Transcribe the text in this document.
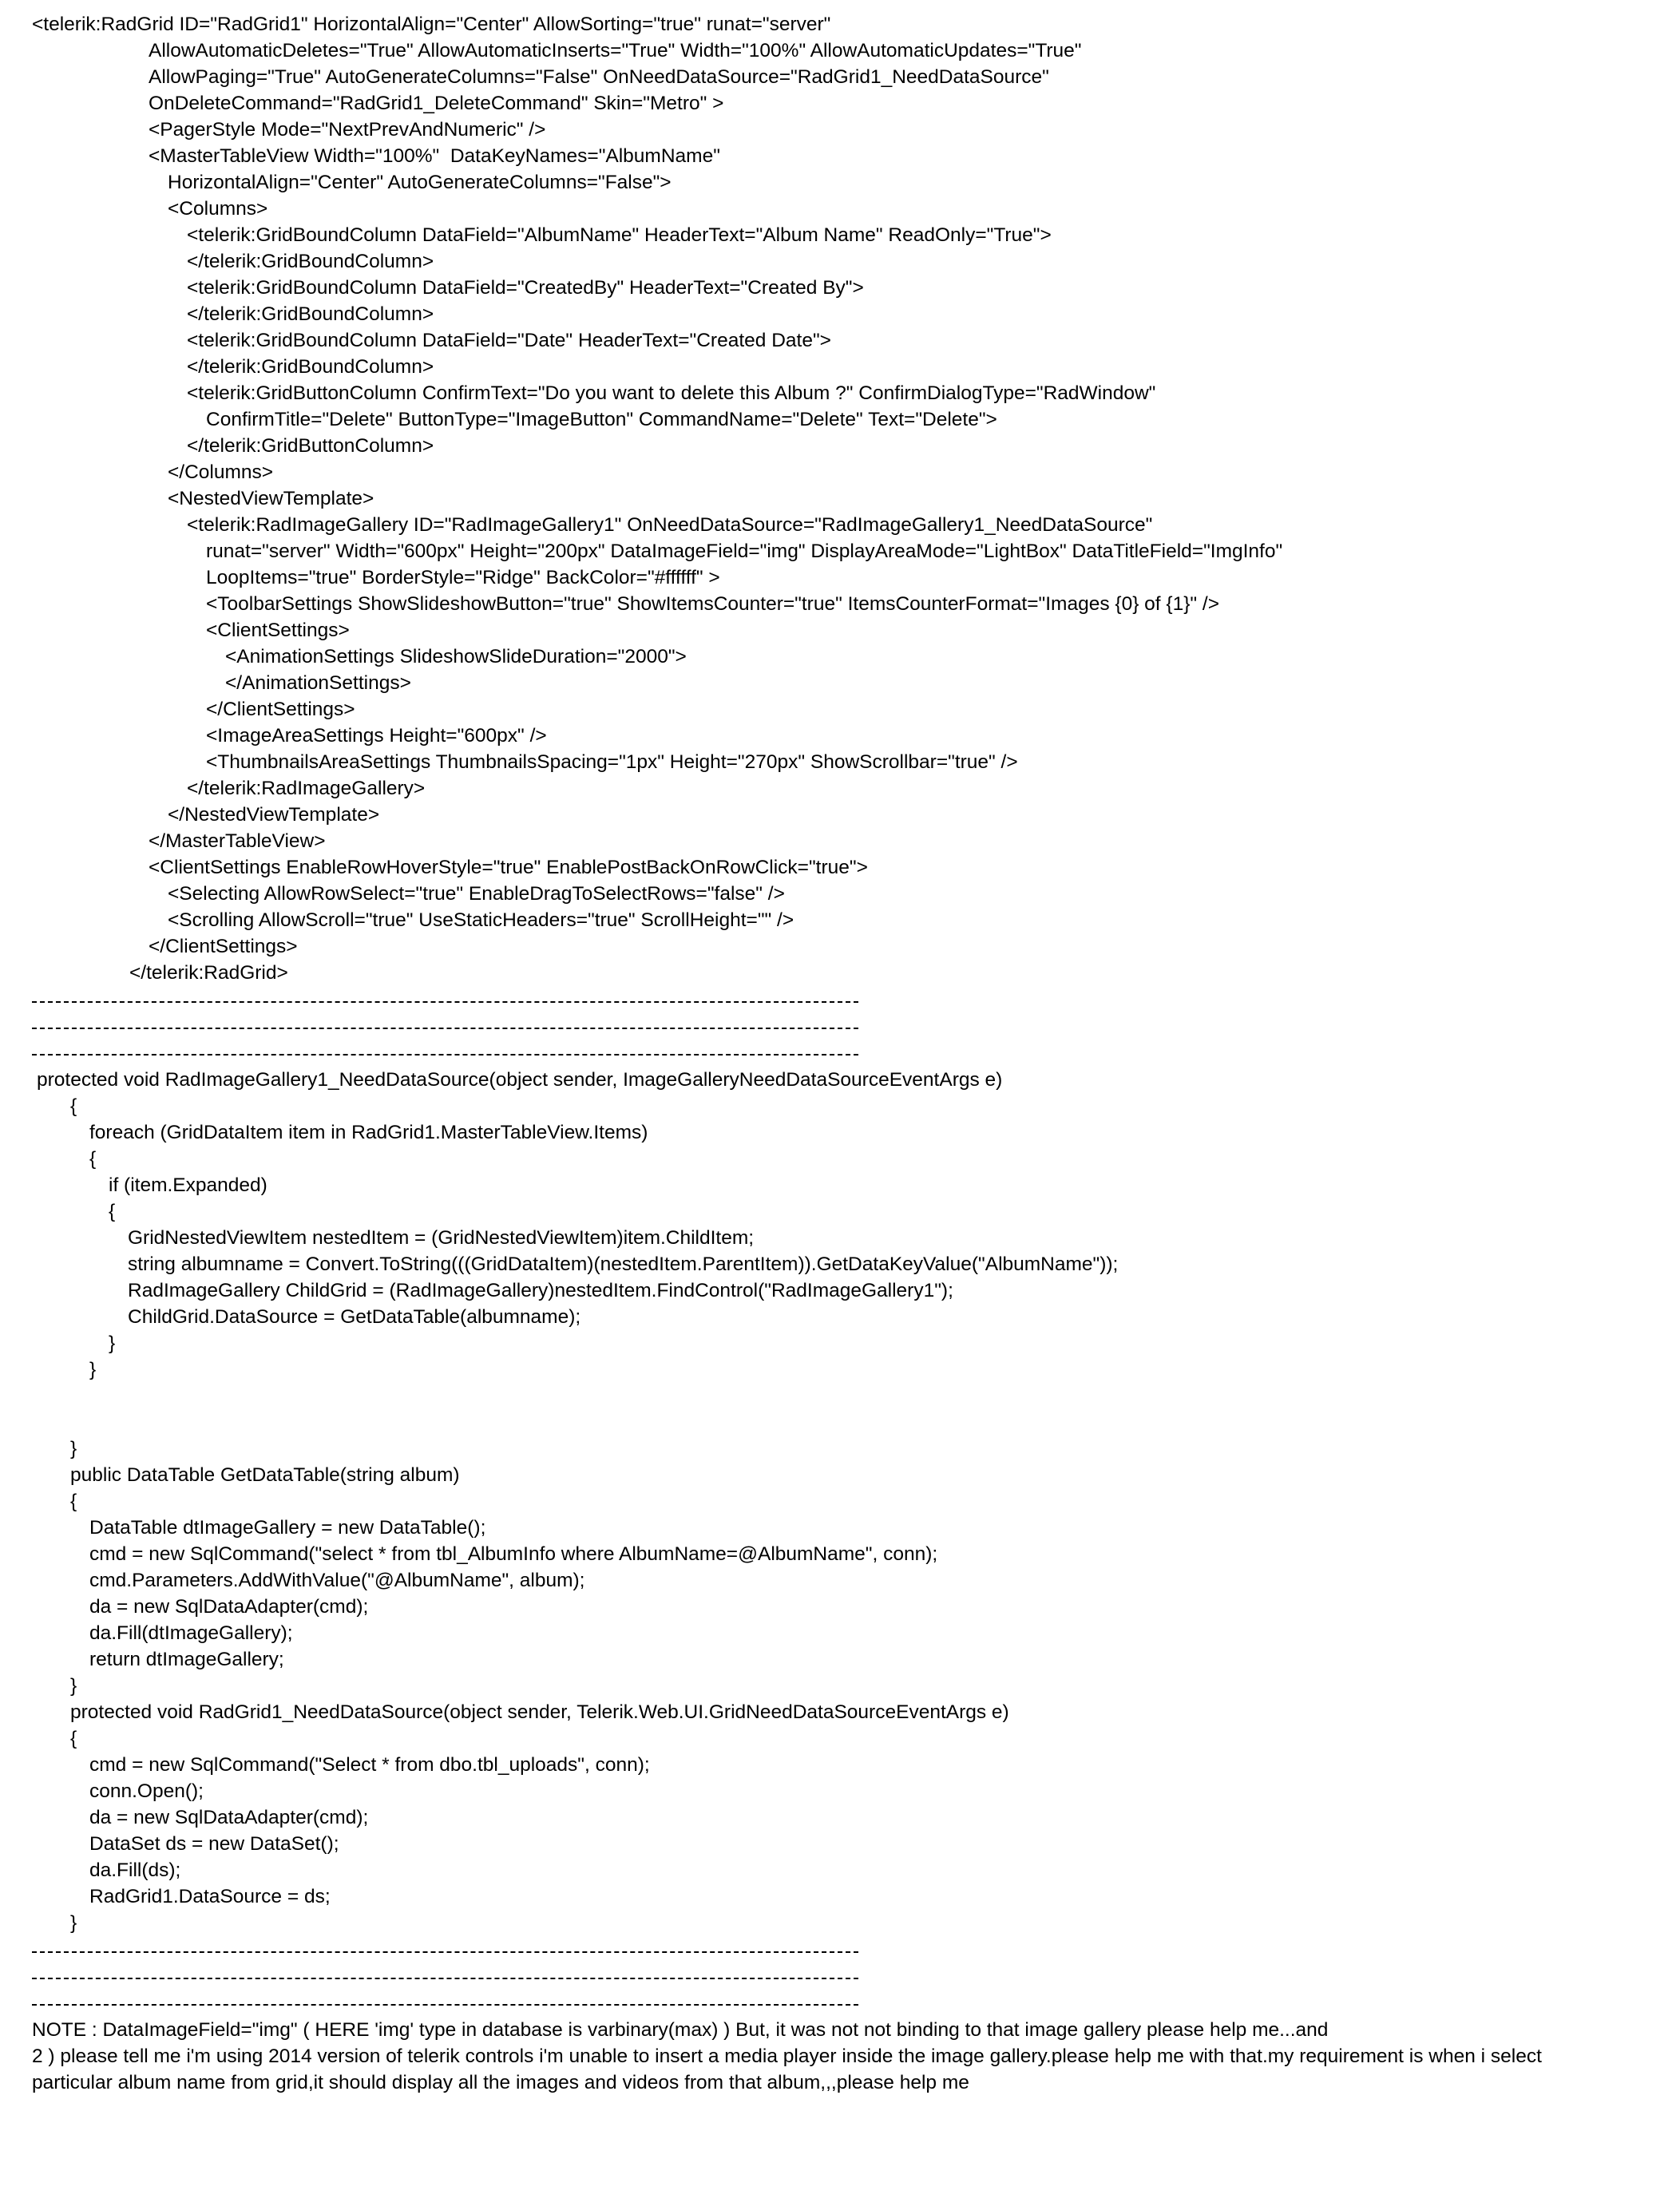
<telerik:RadGrid ID="RadGrid1" HorizontalAlign="Center" AllowSorting="true" runat="server"

AllowAutomaticDeletes="True" AllowAutomaticInserts="True" Width="100%" AllowAutomaticUpdates="True"

AllowPaging="True" AutoGenerateColumns="False" OnNeedDataSource="RadGrid1_NeedDataSource"

OnDeleteCommand="RadGrid1_DeleteCommand" Skin="Metro" >

<PagerStyle Mode="NextPrevAndNumeric" />

<MasterTableView Width="100%"  DataKeyNames="AlbumName"

HorizontalAlign="Center" AutoGenerateColumns="False">

<Columns>

<telerik:GridBoundColumn DataField="AlbumName" HeaderText="Album Name" ReadOnly="True">

</telerik:GridBoundColumn>

<telerik:GridBoundColumn DataField="CreatedBy" HeaderText="Created By">

</telerik:GridBoundColumn>

<telerik:GridBoundColumn DataField="Date" HeaderText="Created Date">

</telerik:GridBoundColumn>

<telerik:GridButtonColumn ConfirmText="Do you want to delete this Album ?" ConfirmDialogType="RadWindow"

ConfirmTitle="Delete" ButtonType="ImageButton" CommandName="Delete" Text="Delete">

</telerik:GridButtonColumn>

</Columns>

<NestedViewTemplate>

<telerik:RadImageGallery ID="RadImageGallery1" OnNeedDataSource="RadImageGallery1_NeedDataSource"

runat="server" Width="600px" Height="200px" DataImageField="img" DisplayAreaMode="LightBox" DataTitleField="ImgInfo"

LoopItems="true" BorderStyle="Ridge" BackColor="#ffffff" >

<ToolbarSettings ShowSlideshowButton="true" ShowItemsCounter="true" ItemsCounterFormat="Images {0} of {1}" />

<ClientSettings>

<AnimationSettings SlideshowSlideDuration="2000">

</AnimationSettings>

</ClientSettings>

<ImageAreaSettings Height="600px" />

<ThumbnailsAreaSettings ThumbnailsSpacing="1px" Height="270px" ShowScrollbar="true" />

</telerik:RadImageGallery>

</NestedViewTemplate>

</MasterTableView>

<ClientSettings EnableRowHoverStyle="true" EnablePostBackOnRowClick="true">

<Selecting AllowRowSelect="true" EnableDragToSelectRows="false" />

<Scrolling AllowScroll="true" UseStaticHeaders="true" ScrollHeight="" />

</ClientSettings>

</telerik:RadGrid>

protected void RadImageGallery1_NeedDataSource(object sender, ImageGalleryNeedDataSourceEventArgs e)

{

foreach (GridDataItem item in RadGrid1.MasterTableView.Items)

{

if (item.Expanded)

{

GridNestedViewItem nestedItem = (GridNestedViewItem)item.ChildItem;

string albumname = Convert.ToString(((GridDataItem)(nestedItem.ParentItem)).GetDataKeyValue("AlbumName"));

RadImageGallery ChildGrid = (RadImageGallery)nestedItem.FindControl("RadImageGallery1");

ChildGrid.DataSource = GetDataTable(albumname);

}

}

}

public DataTable GetDataTable(string album)

{

DataTable dtImageGallery = new DataTable();

cmd = new SqlCommand("select * from tbl_AlbumInfo where AlbumName=@AlbumName", conn);

cmd.Parameters.AddWithValue("@AlbumName", album);

da = new SqlDataAdapter(cmd);

da.Fill(dtImageGallery);

return dtImageGallery;

}

protected void RadGrid1_NeedDataSource(object sender, Telerik.Web.UI.GridNeedDataSourceEventArgs e)

{

cmd = new SqlCommand("Select * from dbo.tbl_uploads", conn);

conn.Open();

da = new SqlDataAdapter(cmd);

DataSet ds = new DataSet();

da.Fill(ds);

RadGrid1.DataSource = ds;

}

NOTE : DataImageField="img" ( HERE 'img' type in database is varbinary(max) ) But, it was not not binding to that image gallery please help me...and

2 ) please tell me i'm using 2014 version of telerik controls i'm unable to insert a media player inside the image gallery.please help me with that.my requirement is when i select

particular album name from grid,it should display all the images and videos from that album,,,please help me
